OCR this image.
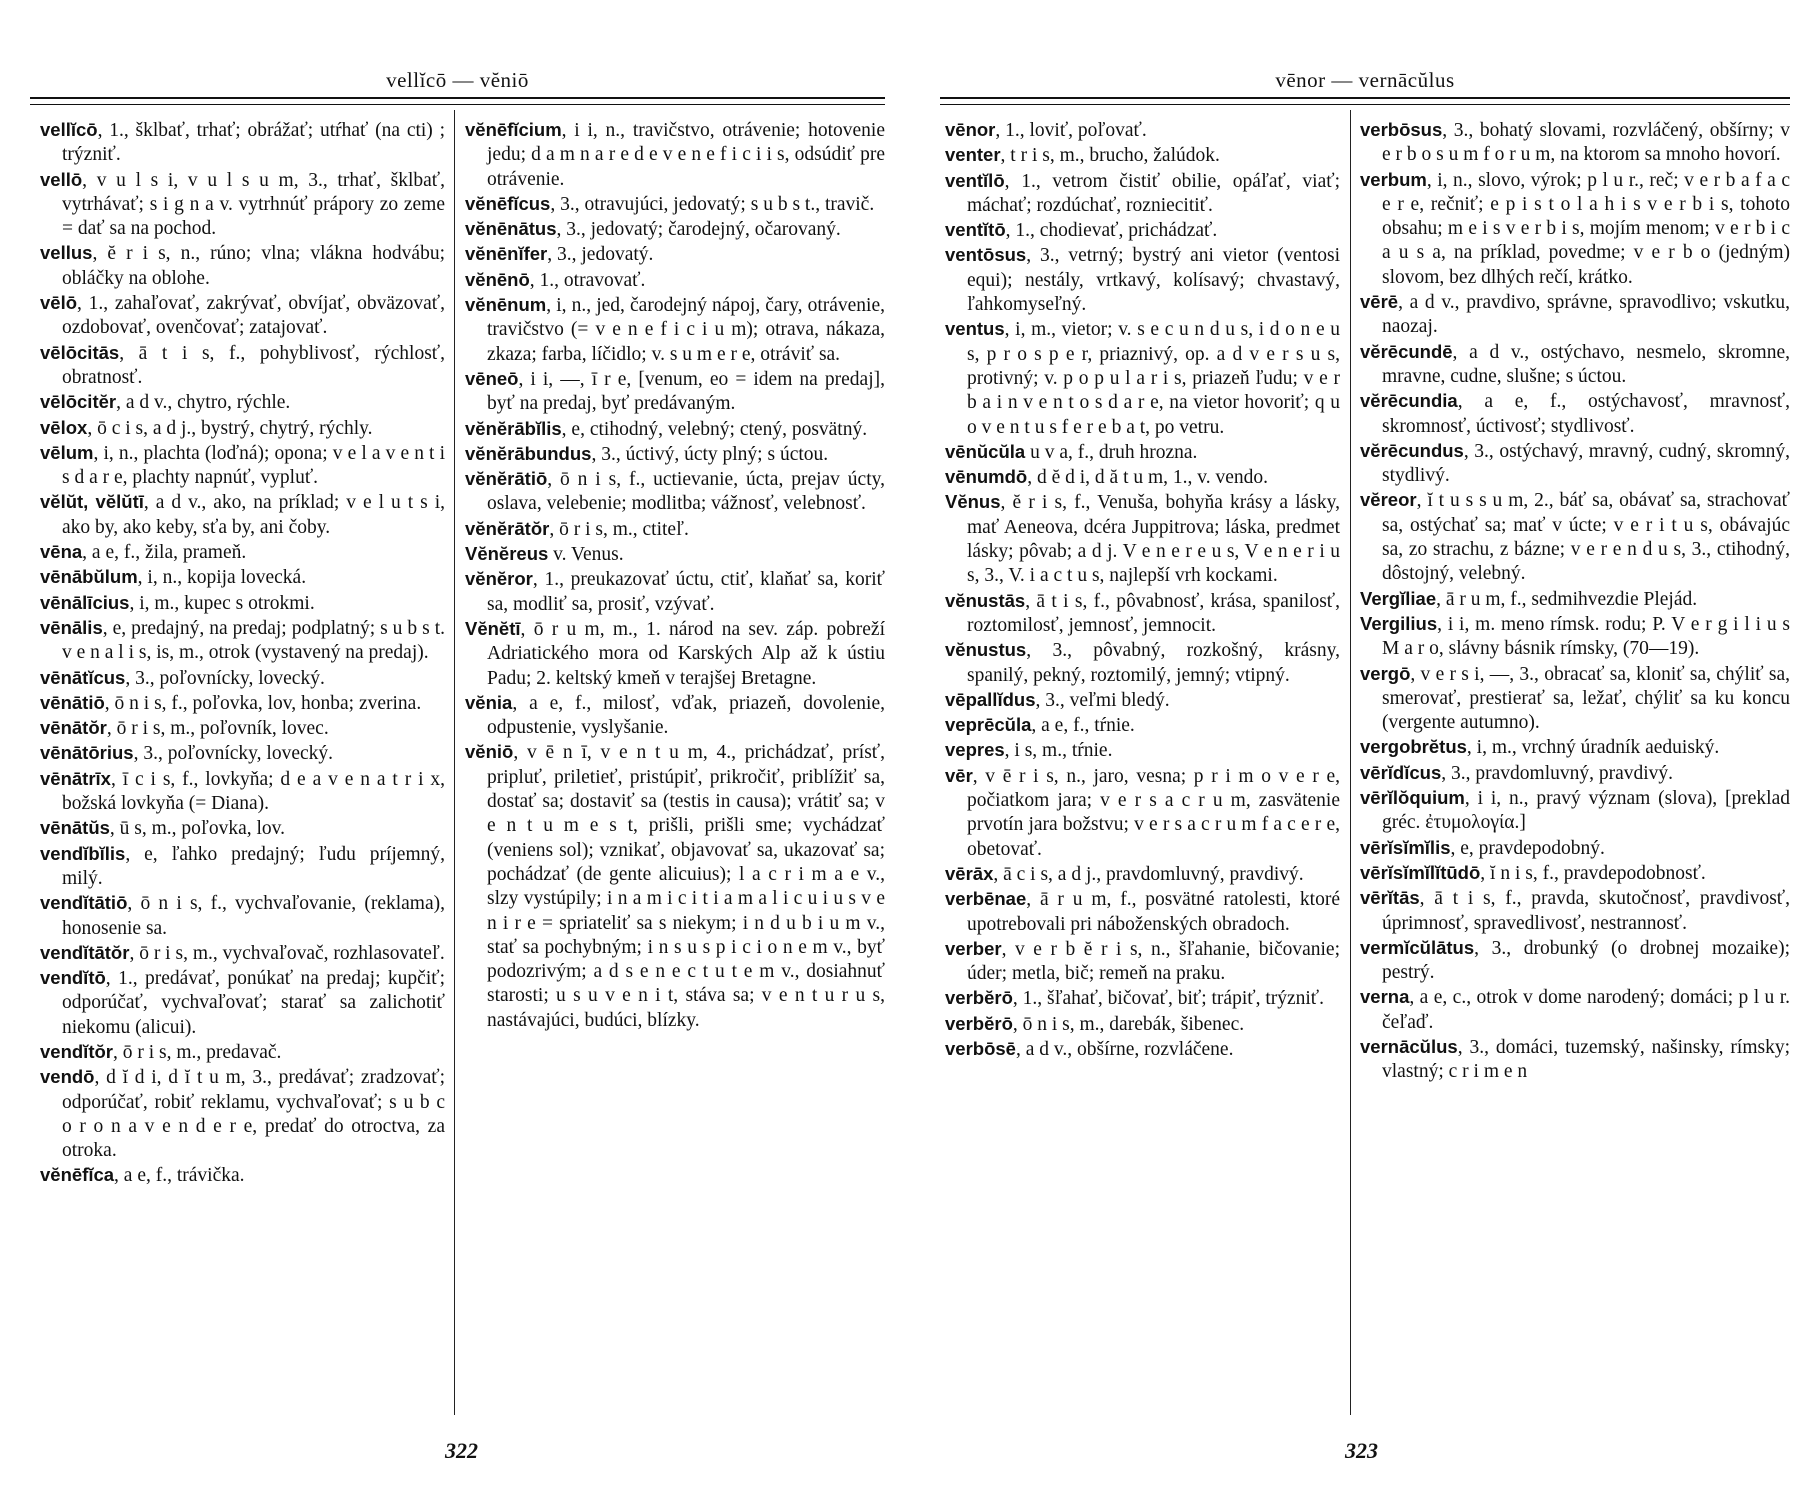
vellĭcō — vĕniō

vellĭcō, 1., šklbať, trhať; obrážať; utŕhať (na cti) ; trýzniť.

vellō, v u l s i, v u l s u m, 3., trhať, šklbať, vytrhávať; s i g n a v. vytrhnúť prápory zo zeme = dať sa na pochod.

vellus, ĕ r i s, n., rúno; vlna; vlákna hodvábu; obláčky na oblohe.

vēlō, 1., zahaľovať, zakrývať, obvíjať, obväzovať, ozdobovať, ovenčovať; zatajovať.

vēlōcitās, ā t i s, f., pohyblivosť, rýchlosť, obratnosť.

vēlōcitĕr, a d v., chytro, rýchle.

vēlox, ō c i s, a d j., bystrý, chytrý, rýchly.

vēlum, i, n., plachta (loďná); opona; v e l a v e n t i s d a r e, plachty napnúť, vypluť.

vĕlŭt, vĕlŭtī, a d v., ako, na príklad; v e l u t s i, ako by, ako keby, sťa by, ani čoby.

vēna, a e, f., žila, prameň.

vēnābŭlum, i, n., kopija lovecká.

vēnālīcius, i, m., kupec s otrokmi.

vēnālis, e, predajný, na predaj; podplatný; s u b s t. v e n a l i s, is, m., otrok (vystavený na predaj).

vēnātĭcus, 3., poľovnícky, lovecký.

vēnātiō, ō n i s, f., poľovka, lov, honba; zverina.

vēnātŏr, ō r i s, m., poľovník, lovec.

vēnātōrius, 3., poľovnícky, lovecký.

vēnātrīx, ī c i s, f., lovkyňa; d e a v e n a t r i x, božská lovkyňa (= Diana).

vēnātŭs, ū s, m., poľovka, lov.

vendĭbĭlis, e, ľahko predajný; ľudu príjemný, milý.

vendĭtātiō, ō n i s, f., vychvaľovanie, (reklama), honosenie sa.

vendĭtātŏr, ō r i s, m., vychvaľovač, rozhlasovateľ.

vendĭtō, 1., predávať, ponúkať na predaj; kupčiť; odporúčať, vychvaľovať; starať sa zalichotiť niekomu (alicui).

vendĭtŏr, ō r i s, m., predavač.

vendō, d ĭ d i, d ĭ t u m, 3., predávať; zradzovať; odporúčať, robiť reklamu, vychvaľovať; s u b c o r o n a v e n d e r e, predať do otroctva, za otroka.

vĕnēfĭca, a e, f., trávička.

vĕnēfĭcium, i i, n., travičstvo, otrávenie; hotovenie jedu; d a m n a r e d e v e n e f i c i i s, odsúdiť pre otrávenie.

vĕnēfĭcus, 3., otravujúci, jedovatý; s u b s t., travič.

vĕnēnātus, 3., jedovatý; čarodejný, očarovaný.

vĕnēnĭfer, 3., jedovatý.

vĕnēnō, 1., otravovať.

vĕnēnum, i, n., jed, čarodejný nápoj, čary, otrávenie, travičstvo (= v e n e f i c i u m); otrava, nákaza, zkaza; farba, líčidlo; v. s u m e r e, otráviť sa.

vēneō, i i, —, ī r e, [venum, eo = idem na predaj], byť na predaj, byť predávaným.

vĕnĕrābĭlis, e, ctihodný, velebný; ctený, posvätný.

vĕnĕrābundus, 3., úctivý, úcty plný; s úctou.

vĕnĕrātiō, ō n i s, f., uctievanie, úcta, prejav úcty, oslava, velebenie; modlitba; vážnosť, velebnosť.

vĕnĕrātŏr, ō r i s, m., ctiteľ.

Vĕnĕreus v. Venus.

vĕnĕror, 1., preukazovať úctu, ctiť, klaňať sa, koriť sa, modliť sa, prosiť, vzývať.

Vĕnĕtī, ō r u m, m., 1. národ na sev. záp. pobreží Adriatického mora od Karských Alp až k ústiu Padu; 2. keltský kmeň v terajšej Bretagne.

vĕnia, a e, f., milosť, vďak, priazeň, dovolenie, odpustenie, vyslyšanie.

vĕniō, v ē n ī, v e n t u m, 4., prichádzať, prísť, pripluť, priletieť, pristúpiť, prikročiť, priblížiť sa, dostať sa; dostaviť sa (testis in causa); vrátiť sa; v e n t u m e s t, prišli, prišli sme; vychádzať (veniens sol); vznikať, objavovať sa, ukazovať sa; pochádzať (de gente alicuius); l a c r i m a e v., slzy vystúpily; i n a m i c i t i a m a l i c u i u s v e n i r e = spriateliť sa s niekym; i n d u b i u m v., stať sa pochybným; i n s u s p i c i o n e m v., byť podozrivým; a d s e n e c t u t e m v., dosiahnuť starosti; u s u v e n i t, stáva sa; v e n t u r u s, nastávajúci, budúci, blízky.

322
vēnor — vernācŭlus

vēnor, 1., loviť, poľovať.

venter, t r i s, m., brucho, žalúdok.

ventĭlō, 1., vetrom čistiť obilie, opáľať, viať; máchať; rozdúchať, rozniecitiť.

ventĭtō, 1., chodievať, prichádzať.

ventōsus, 3., vetrný; bystrý ani vietor (ventosi equi); nestály, vrtkavý, kolísavý; chvastavý, ľahkomyseľný.

ventus, i, m., vietor; v. s e c u n d u s, i d o n e u s, p r o s p e r, priaznivý, op. a d v e r s u s, protivný; v. p o p u l a r i s, priazeň ľudu; v e r b a i n v e n t o s d a r e, na vietor hovoriť; q u o v e n t u s f e r e b a t, po vetru.

vēnŭcŭla u v a, f., druh hrozna.

vēnumdō, d ĕ d i, d ă t u m, 1., v. vendo.

Vĕnus, ĕ r i s, f., Venuša, bohyňa krásy a lásky, mať Aeneova, dcéra Juppitrova; láska, predmet lásky; pôvab; a d j. V e n e r e u s, V e n e r i u s, 3., V. i a c t u s, najlepší vrh kockami.

vĕnustās, ā t i s, f., pôvabnosť, krása, spanilosť, roztomilosť, jemnosť, jemnocit.

vĕnustus, 3., pôvabný, rozkošný, krásny, spanilý, pekný, roztomilý, jemný; vtipný.

vēpallĭdus, 3., veľmi bledý.

veprēcŭla, a e, f., tŕnie.

vepres, i s, m., tŕnie.

vēr, v ē r i s, n., jaro, vesna; p r i m o v e r e, počiatkom jara; v e r s a c r u m, zasvätenie prvotín jara božstvu; v e r s a c r u m f a c e r e, obetovať.

vērāx, ā c i s, a d j., pravdomluvný, pravdivý.

verbēnae, ā r u m, f., posvätné ratolesti, ktoré upotrebovali pri náboženských obradoch.

verber, v e r b ĕ r i s, n., šľahanie, bičovanie; úder; metla, bič; remeň na praku.

verbĕrō, 1., šľahať, bičovať, biť; trápiť, trýzniť.

verbĕrō, ō n i s, m., darebák, šibenec.

verbōsē, a d v., obšírne, rozvláčene.

verbōsus, 3., bohatý slovami, rozvláčený, obšírny; v e r b o s u m f o r u m, na ktorom sa mnoho hovorí.

verbum, i, n., slovo, výrok; p l u r., reč; v e r b a f a c e r e, rečniť; e p i s t o l a h i s v e r b i s, tohoto obsahu; m e i s v e r b i s, mojím menom; v e r b i c a u s a, na príklad, povedme; v e r b o (jedným) slovom, bez dlhých rečí, krátko.

vērē, a d v., pravdivo, správne, spravodlivo; vskutku, naozaj.

vĕrēcundē, a d v., ostýchavo, nesmelo, skromne, mravne, cudne, slušne; s úctou.

vĕrēcundia, a e, f., ostýchavosť, mravnosť, skromnosť, úctivosť; stydlivosť.

vĕrēcundus, 3., ostýchavý, mravný, cudný, skromný, stydlivý.

vĕreor, ĭ t u s s u m, 2., báť sa, obávať sa, strachovať sa, ostýchať sa; mať v úcte; v e r i t u s, obávajúc sa, zo strachu, z bázne; v e r e n d u s, 3., ctihodný, dôstojný, velebný.

Vergĭliae, ā r u m, f., sedmihvezdie Plejád.

Vergilius, i i, m. meno rímsk. rodu; P. V e r g i l i u s M a r o, slávny básnik rímsky, (70—19).

vergō, v e r s i, —, 3., obracať sa, kloniť sa, chýliť sa, smerovať, prestierať sa, ležať, chýliť sa ku koncu (vergente autumno).

vergobrĕtus, i, m., vrchný úradník aeduiský.

vērĭdĭcus, 3., pravdomluvný, pravdivý.

vērĭlŏquium, i i, n., pravý význam (slova), [preklad gréc. ἐτυμολογία.]

vērĭsĭmĭlis, e, pravdepodobný.

vērĭsĭmĭlĭtūdō, ĭ n i s, f., pravdepodobnosť.

vērĭtās, ā t i s, f., pravda, skutočnosť, pravdivosť, úprimnosť, spravedlivosť, nestrannosť.

vermĭcŭlātus, 3., drobunký (o drobnej mozaike); pestrý.

verna, a e, c., otrok v dome narodený; domáci; p l u r. čeľaď.

vernācŭlus, 3., domáci, tuzemský, našinsky, rímsky; vlastný; c r i m e n

323
